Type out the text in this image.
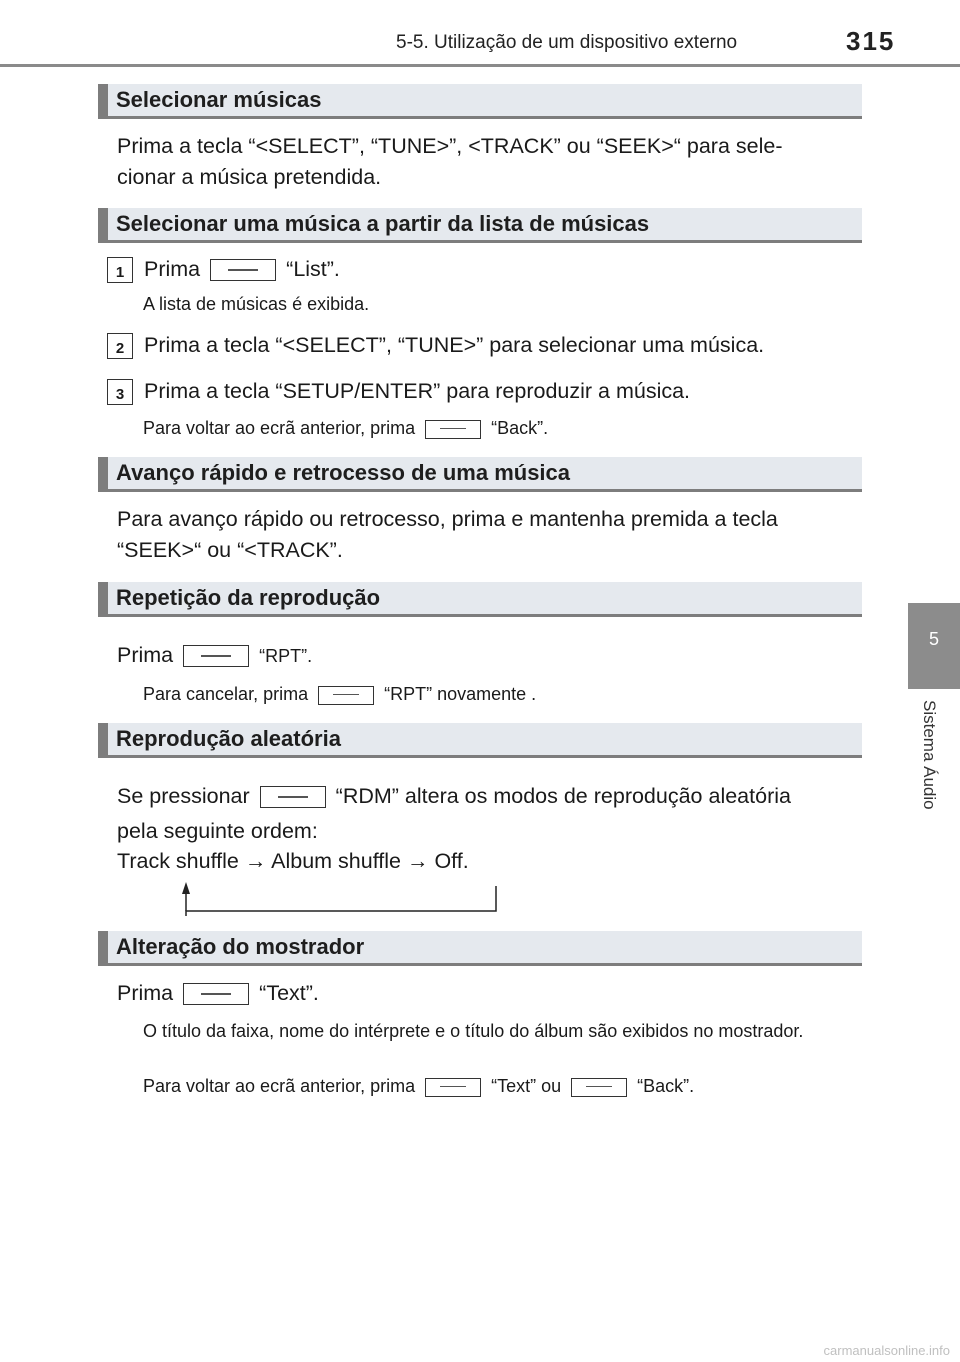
5-5. Utilização de um dispositivo externo	315
5
Sistema Áudio
Selecionar músicas
Prima a tecla “<SELECT”, “TUNE>”, <TRACK” ou “SEEK>“ para sele-
cionar a música pretendida.
Selecionar uma música a partir da lista de músicas
1 Prima	“List”.
A lista de músicas é exibida.
2 Prima a tecla “<SELECT”, “TUNE>” para selecionar uma música.
3 Prima a tecla “SETUP/ENTER” para reproduzir a música.
Para voltar ao ecrã anterior, prima	“Back”.
Avanço rápido e retrocesso de uma música
Para avanço rápido ou retrocesso, prima e mantenha premida a tecla
“SEEK>“ ou “<TRACK”.
Repetição da reprodução
Prima	“RPT”.
Para cancelar, prima	“RPT” novamente .
Reprodução aleatória
Se pressionar	“RDM” altera os modos de reprodução aleatória
pela seguinte ordem:
Track shuffle → Album shuffle → Off.
Alteração do mostrador
Prima	“Text”.
O título da faixa, nome do intérprete e o título do álbum são exibidos no mostrador.
Para voltar ao ecrã anterior, prima	“Text” ou	“Back”.
carmanualsonline.info
